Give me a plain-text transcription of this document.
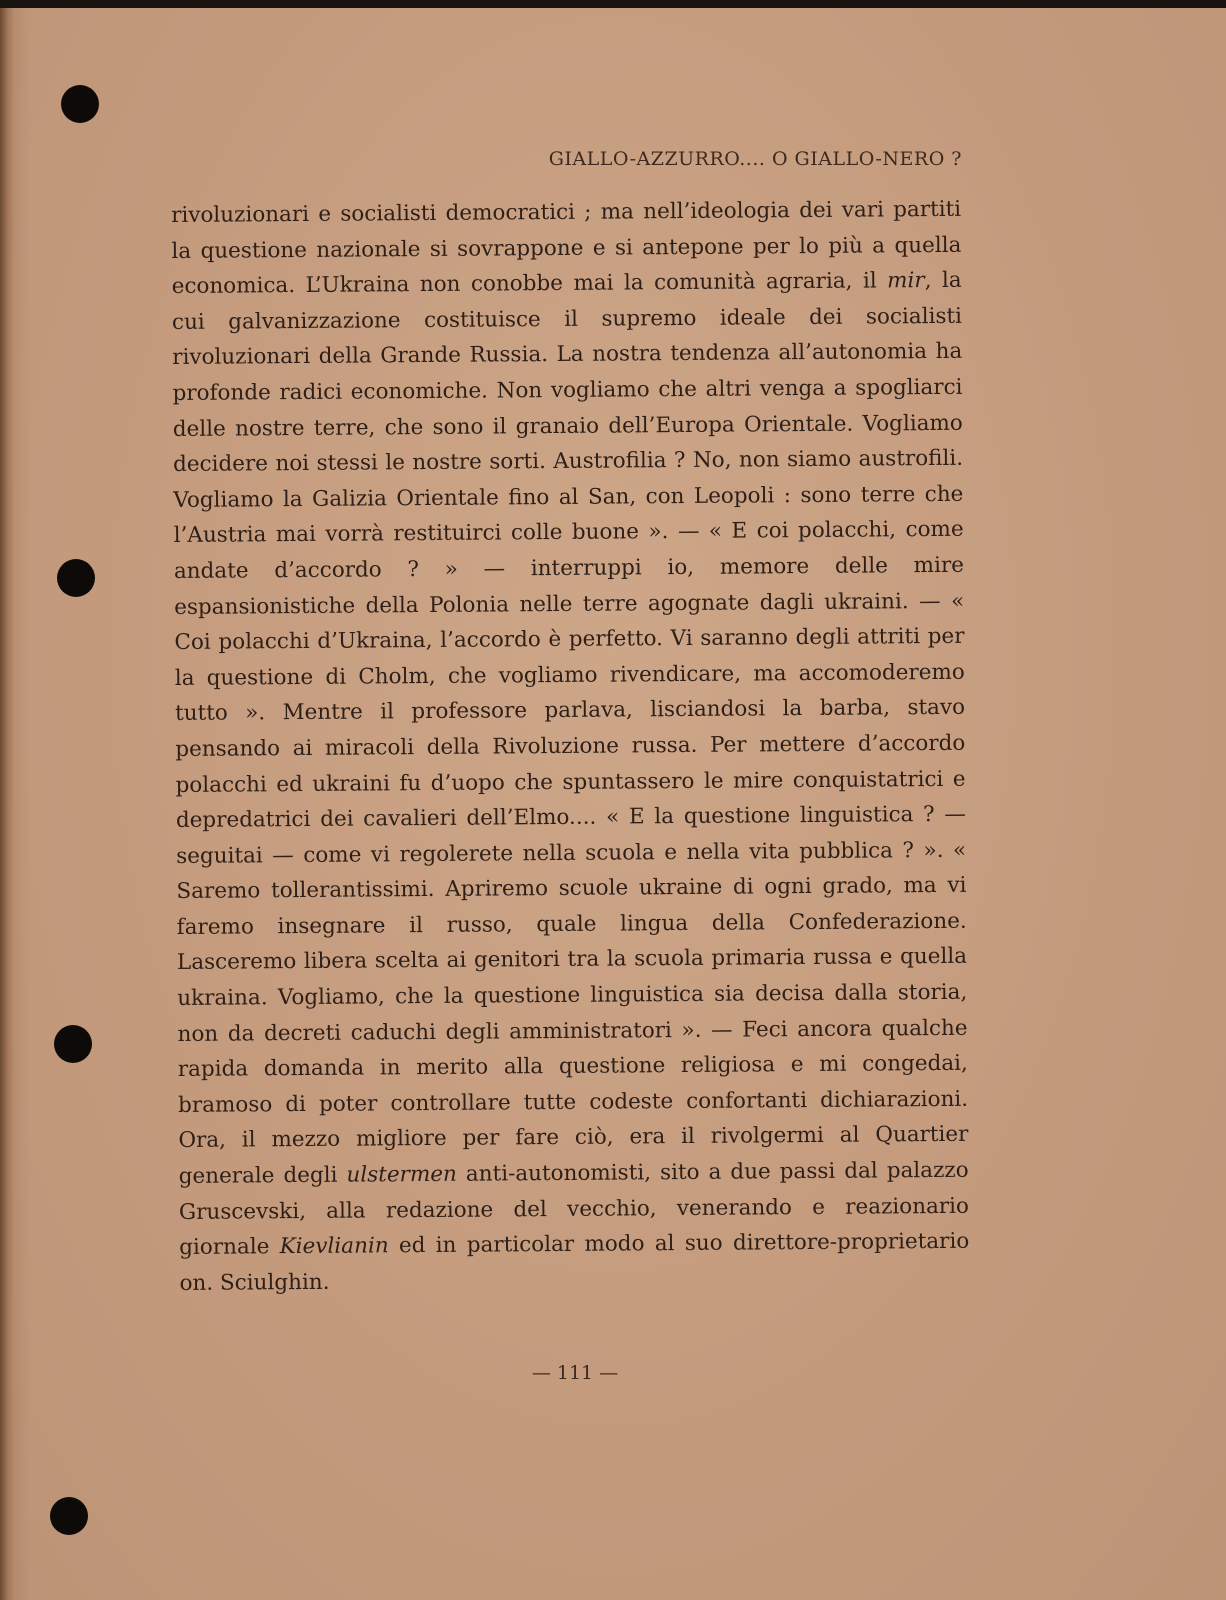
GIALLO-AZZURRO.... O GIALLO-NERO ?

rivoluzionari e socialisti democratici ; ma nell’ideologia dei vari partiti la questione nazionale si sovrappone e si antepone per lo più a quella economica. L’Ukraina non conobbe mai la comunità agraria, il mir, la cui galvanizzazione costituisce il supremo ideale dei socialisti rivoluzionari della Grande Russia. La nostra tendenza all’autonomia ha profonde radici economiche. Non vogliamo che altri venga a spogliarci delle nostre terre, che sono il granaio dell’Europa Orientale. Vogliamo decidere noi stessi le nostre sorti. Austrofilia ? No, non siamo austrofili. Vogliamo la Galizia Orientale fino al San, con Leopoli : sono terre che l’Austria mai vorrà restituirci colle buone ». — « E coi polacchi, come andate d’accordo ? » — interruppi io, memore delle mire espansionistiche della Polonia nelle terre agognate dagli ukraini. — « Coi polacchi d’Ukraina, l’accordo è perfetto. Vi saranno degli attriti per la questione di Cholm, che vogliamo rivendicare, ma accomoderemo tutto ». Mentre il professore parlava, lisciandosi la barba, stavo pensando ai miracoli della Rivoluzione russa. Per mettere d’accordo polacchi ed ukraini fu d’uopo che spuntassero le mire conquistatrici e depredatrici dei cavalieri dell’Elmo.... « E la questione linguistica ? — seguitai — come vi regolerete nella scuola e nella vita pubblica ? ». « Saremo tollerantissimi. Apriremo scuole ukraine di ogni grado, ma vi faremo insegnare il russo, quale lingua della Confederazione. Lasceremo libera scelta ai genitori tra la scuola primaria russa e quella ukraina. Vogliamo, che la questione linguistica sia decisa dalla storia, non da decreti caduchi degli amministratori ». — Feci ancora qualche rapida domanda in merito alla questione religiosa e mi congedai, bramoso di poter controllare tutte codeste confortanti dichiarazioni. Ora, il mezzo migliore per fare ciò, era il rivolgermi al Quartier generale degli ulstermen anti-autonomisti, sito a due passi dal palazzo Gruscevski, alla redazione del vecchio, venerando e reazionario giornale Kievlianin ed in particolar modo al suo direttore-proprietario on. Sciulghin.

— 111 —
